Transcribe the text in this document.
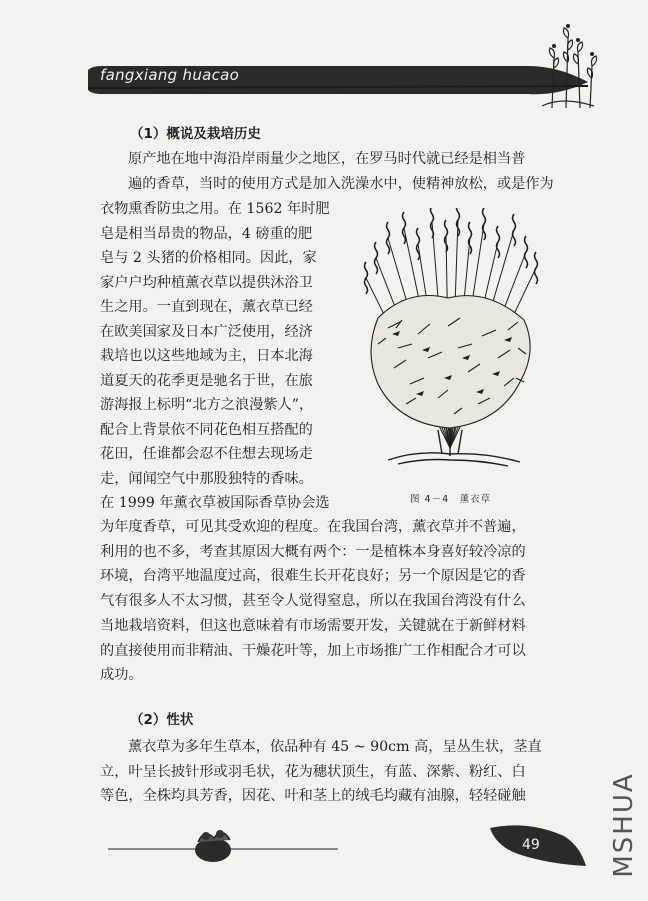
fangxiang huacao
（1）概说及栽培历史
原产地在地中海沿岸雨量少之地区，在罗马时代就已经是相当普
遍的香草，当时的使用方式是加入洗澡水中，使精神放松，或是作为
衣物熏香防虫之用。在 1562 年时肥
皂是相当昂贵的物品，4 磅重的肥
皂与 2 头猪的价格相同。因此，家
家户户均种植薰衣草以提供沐浴卫
生之用。一直到现在，薰衣草已经
在欧美国家及日本广泛使用，经济
栽培也以这些地域为主，日本北海
道夏天的花季更是驰名于世，在旅
游海报上标明“北方之浪漫紫人”，
配合上背景依不同花色相互搭配的
花田，任谁都会忍不住想去现场走
走，闻闻空气中那股独特的香味。
在 1999 年薰衣草被国际香草协会选
为年度香草，可见其受欢迎的程度。在我国台湾，薰衣草并不普遍，
利用的也不多，考查其原因大概有两个：一是植株本身喜好较冷凉的
环境，台湾平地温度过高，很难生长开花良好；另一个原因是它的香
气有很多人不太习惯，甚至令人觉得窒息，所以在我国台湾没有什么
当地栽培资料，但这也意味着有市场需要开发，关键就在于新鲜材料
的直接使用而非精油、干燥花叶等，加上市场推广工作相配合才可以
成功。
图 4－4　薰衣草
（2）性状
薰衣草为多年生草本，依品种有 45 ~ 90cm 高，呈丛生状，茎直
立，叶呈长披针形或羽毛状，花为穗状顶生，有蓝、深紫、粉红、白
等色，全株均具芳香，因花、叶和茎上的绒毛均藏有油腺，轻轻碰触
49	MSHUA
